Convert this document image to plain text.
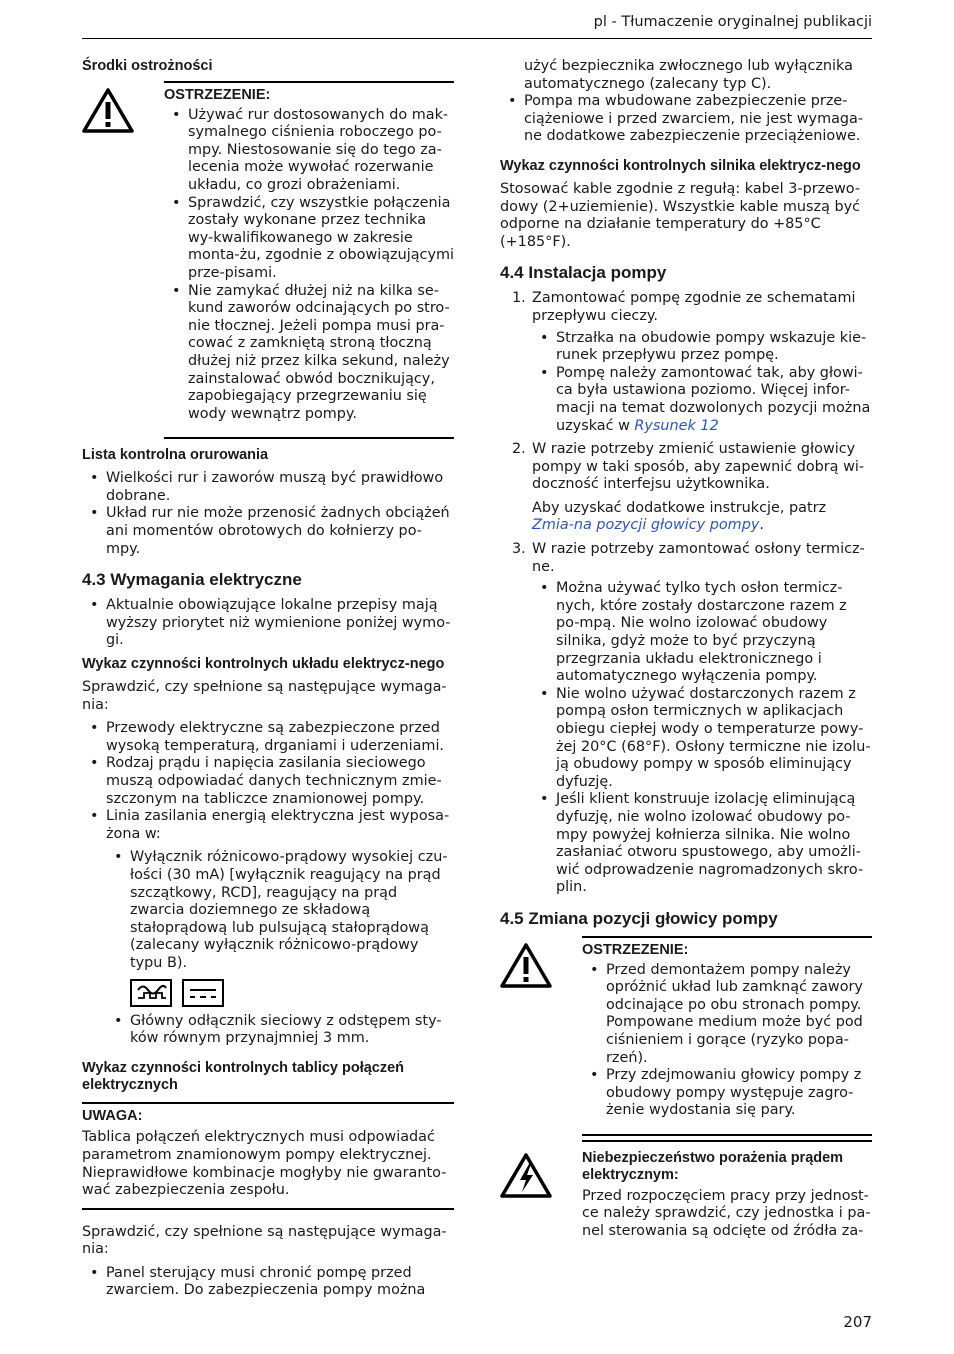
pl - Tłumaczenie oryginalnej publikacji
Środki ostrożności
OSTRZEZENIE:
• Używać rur dostosowanych do mak-symalnego ciśnienia roboczego po-mpy. Niestosowanie się do tego za-lecenia może wywołać rozerwanie układu, co grozi obrażeniami.
• Sprawdzić, czy wszystkie połączenia zostały wykonane przez technika wy-kwalifikowanego w zakresie monta-żu, zgodnie z obowiązującymi prze-pisami.
• Nie zamykać dłużej niż na kilka se-kund zaworów odcinających po stro-nie tłocznej. Jeżeli pompa musi pra-cować z zamkniętą stroną tłoczną dłużej niż przez kilka sekund, należy zainstalować obwód bocznikujący, zapobiegający przegrzewaniu się wody wewnątrz pompy.
Lista kontrolna orurowania
• Wielkości rur i zaworów muszą być prawidłowo dobrane.
• Układ rur nie może przenosić żadnych obciążeń ani momentów obrotowych do kołnierzy po-mpy.
4.3 Wymagania elektryczne
• Aktualnie obowiązujące lokalne przepisy mają wyższy priorytet niż wymienione poniżej wymo-gi.
Wykaz czynności kontrolnych układu elektrycz-nego

Sprawdzić, czy spełnione są następujące wymaga-nia:

• Przewody elektryczne są zabezpieczone przed wysoką temperaturą, drganiami i uderzeniami.
• Rodzaj prądu i napięcia zasilania sieciowego muszą odpowiadać danych technicznym zmie-szczonym na tabliczce znamionowej pompy.
• Linia zasilania energią elektryczna jest wyposa-żona w:
• Wyłącznik różnicowo-prądowy wysokiej czu-łości (30 mA) [wyłącznik reagujący na prąd szczątkowy, RCD], reagujący na prąd zwarcia doziemnego ze składową stałoprądową lub pulsującą stałoprądową (zalecany wyłącznik różnicowo-prądowy typu B).
• Główny odłącznik sieciowy z odstępem sty-ków równym przynajmniej 3 mm.
Wykaz czynności kontrolnych tablicy połączeń elektrycznych
UWAGA:
Tablica połączeń elektrycznych musi odpowiadać parametrom znamionowym pompy elektrycznej. Nieprawidłowe kombinacje mogłyby nie gwaranto-wać zabezpieczenia zespołu.

Sprawdzić, czy spełnione są następujące wymaga-nia:

• Panel sterujący musi chronić pompę przed zwarciem. Do zabezpieczenia pompy można

użyć bezpiecznika zwłocznego lub wyłącznika automatycznego (zalecany typ C).

• Pompa ma wbudowane zabezpieczenie prze-ciążeniowe i przed zwarciem, nie jest wymaga-ne dodatkowe zabezpieczenie przeciążeniowe.
Wykaz czynności kontrolnych silnika elektrycz-nego

Stosować kable zgodnie z regułą: kabel 3-przewo-dowy (2+uziemienie). Wszystkie kable muszą być odporne na działanie temperatury do +85°C (+185°F).

4.4 Instalacja pompy
1. Zamontować pompę zgodnie ze schematami przepływu cieczy.
• Strzałka na obudowie pompy wskazuje kie-runek przepływu przez pompę.
• Pompę należy zamontować tak, aby głowi-ca była ustawiona poziomo. Więcej infor-macji na temat dozwolonych pozycji można uzyskać w Rysunek 12
2. W razie potrzeby zmienić ustawienie głowicy pompy w taki sposób, aby zapewnić dobrą wi-doczność interfejsu użytkownika.
Aby uzyskać dodatkowe instrukcje, patrz Zmia-na pozycji głowicy pompy.
3. W razie potrzeby zamontować osłony termicz-ne.
• Można używać tylko tych osłon termicz-nych, które zostały dostarczone razem z po-mpą. Nie wolno izolować obudowy silnika, gdyż może to być przyczyną przegrzania układu elektronicznego i automatycznego wyłączenia pompy.
• Nie wolno używać dostarczonych razem z pompą osłon termicznych w aplikacjach obiegu ciepłej wody o temperaturze powy-żej 20°C (68°F). Osłony termiczne nie izolu-ją obudowy pompy w sposób eliminujący dyfuzję.
• Jeśli klient konstruuje izolację eliminującą dyfuzję, nie wolno izolować obudowy po-mpy powyżej kołnierza silnika. Nie wolno zasłaniać otworu spustowego, aby umożli-wić odprowadzenie nagromadzonych skro-plin.
4.5 Zmiana pozycji głowicy pompy
OSTRZEZENIE:
• Przed demontażem pompy należy opróżnić układ lub zamknąć zawory odcinające po obu stronach pompy. Pompowane medium może być pod ciśnieniem i gorące (ryzyko popa-rzeń).
• Przy zdejmowaniu głowicy pompy z obudowy pompy występuje zagro-żenie wydostania się pary.
Niebezpieczeństwo porażenia prądem elektrycznym:
Przed rozpoczęciem pracy przy jednost-ce należy sprawdzić, czy jednostka i pa-nel sterowania są odcięte od źródła za-
207
